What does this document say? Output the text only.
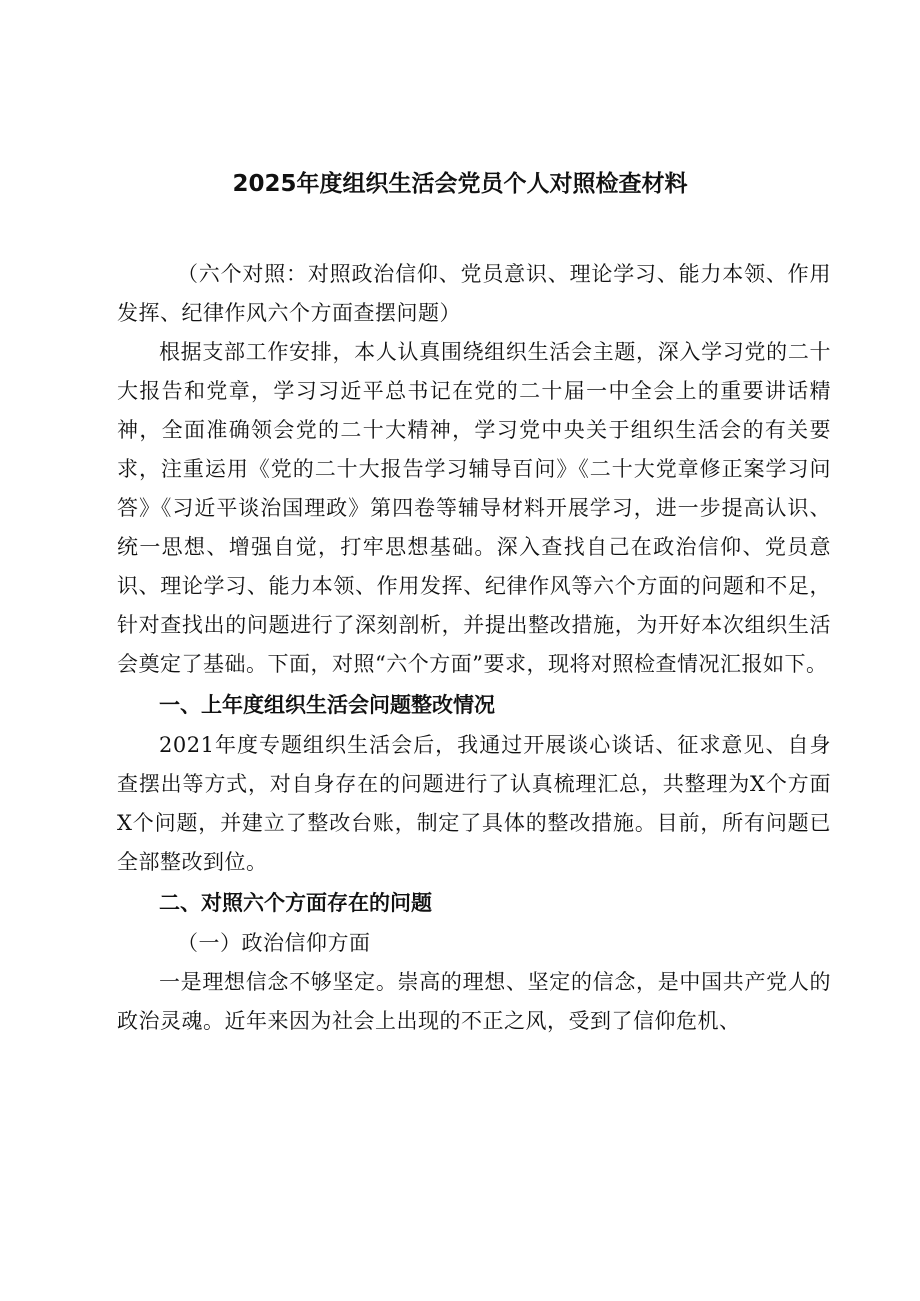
2025年度组织生活会党员个人对照检查材料

（六个对照：对照政治信仰、党员意识、理论学习、能力本领、作用发挥、纪律作风六个方面查摆问题）

根据支部工作安排，本人认真围绕组织生活会主题，深入学习党的二十大报告和党章，学习习近平总书记在党的二十届一中全会上的重要讲话精神，全面准确领会党的二十大精神，学习党中央关于组织生活会的有关要求，注重运用《党的二十大报告学习辅导百问》《二十大党章修正案学习问答》《习近平谈治国理政》第四卷等辅导材料开展学习，进一步提高认识、统一思想、增强自觉，打牢思想基础。深入查找自己在政治信仰、党员意识、理论学习、能力本领、作用发挥、纪律作风等六个方面的问题和不足，针对查找出的问题进行了深刻剖析，并提出整改措施，为开好本次组织生活会奠定了基础。下面，对照“六个方面”要求，现将对照检查情况汇报如下。

一、上年度组织生活会问题整改情况

2021年度专题组织生活会后，我通过开展谈心谈话、征求意见、自身查摆出等方式，对自身存在的问题进行了认真梳理汇总，共整理为X个方面X个问题，并建立了整改台账，制定了具体的整改措施。目前，所有问题已全部整改到位。

二、对照六个方面存在的问题

（一）政治信仰方面

一是理想信念不够坚定。崇高的理想、坚定的信念，是中国共产党人的政治灵魂。近年来因为社会上出现的不正之风，受到了信仰危机、
